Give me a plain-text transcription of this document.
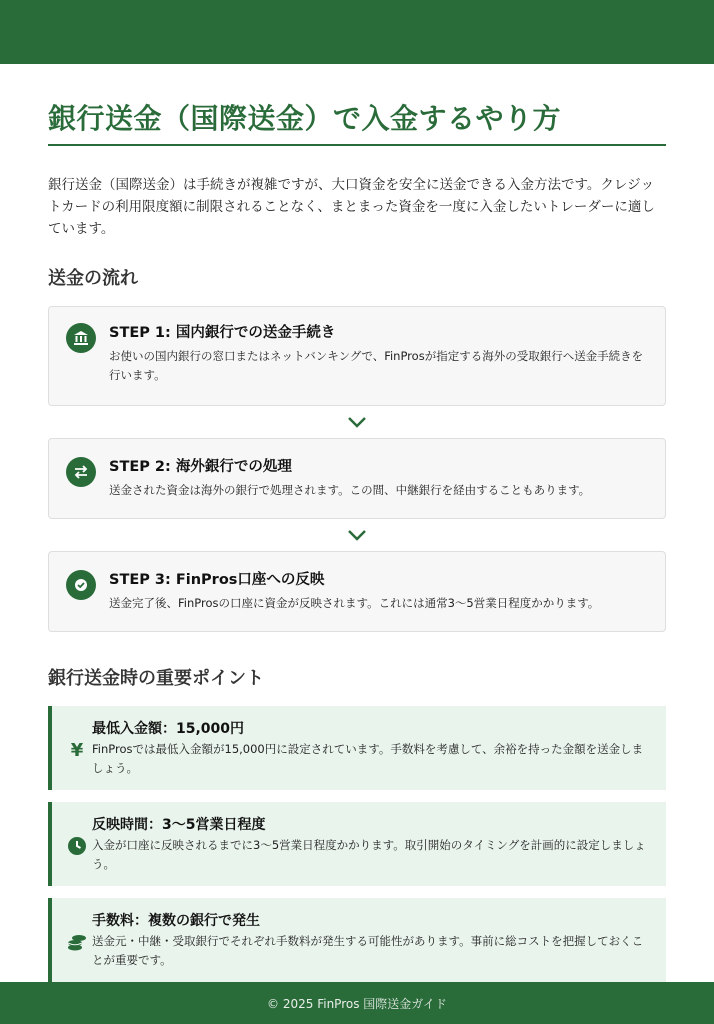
銀行送金（国際送金）で入金するやり方

銀行送金（国際送金）は手続きが複雑ですが、大口資金を安全に送金できる入金方法です。クレジットカードの利用限度額に制限されることなく、まとまった資金を一度に入金したいトレーダーに適しています。

送金の流れ
STEP 1: 国内銀行での送金手続き
お使いの国内銀行の窓口またはネットバンキングで、FinProsが指定する海外の受取銀行へ送金手続きを行います。
STEP 2: 海外銀行での処理
送金された資金は海外の銀行で処理されます。この間、中継銀行を経由することもあります。
STEP 3: FinPros口座への反映
送金完了後、FinProsの口座に資金が反映されます。これには通常3〜5営業日程度かかります。
銀行送金時の重要ポイント
¥
最低入金額：15,000円
FinProsでは最低入金額が15,000円に設定されています。手数料を考慮して、余裕を持った金額を送金しましょう。
反映時間：3〜5営業日程度
入金が口座に反映されるまでに3〜5営業日程度かかります。取引開始のタイミングを計画的に設定しましょう。
手数料：複数の銀行で発生
送金元・中継・受取銀行でそれぞれ手数料が発生する可能性があります。事前に総コストを把握しておくことが重要です。
© 2025 FinPros 国際送金ガイド
